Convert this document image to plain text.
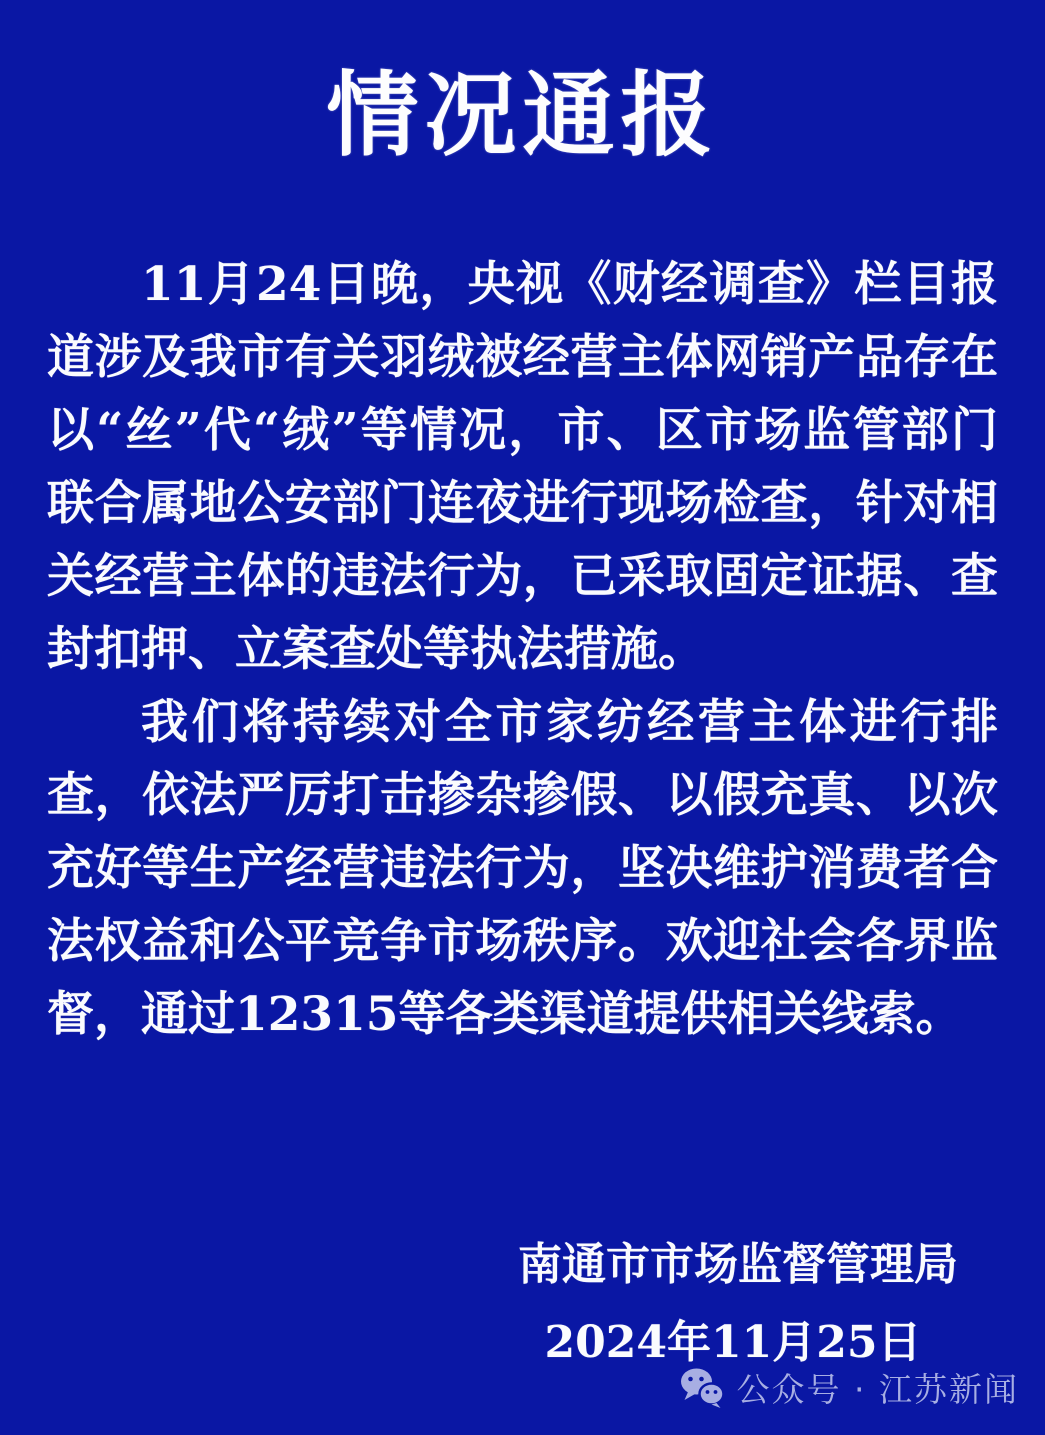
情况通报

11月24日晚，央视《财经调查》栏目报道涉及我市有关羽绒被经营主体网销产品存在以“丝”代“绒”等情况，市、区市场监管部门联合属地公安部门连夜进行现场检查，针对相关经营主体的违法行为，已采取固定证据、查封扣押、立案查处等执法措施。

我们将持续对全市家纺经营主体进行排查，依法严厉打击掺杂掺假、以假充真、以次充好等生产经营违法行为，坚决维护消费者合法权益和公平竞争市场秩序。欢迎社会各界监督，通过12315等各类渠道提供相关线索。

南通市市场监督管理局
2024年11月25日
公众号 · 江苏新闻
